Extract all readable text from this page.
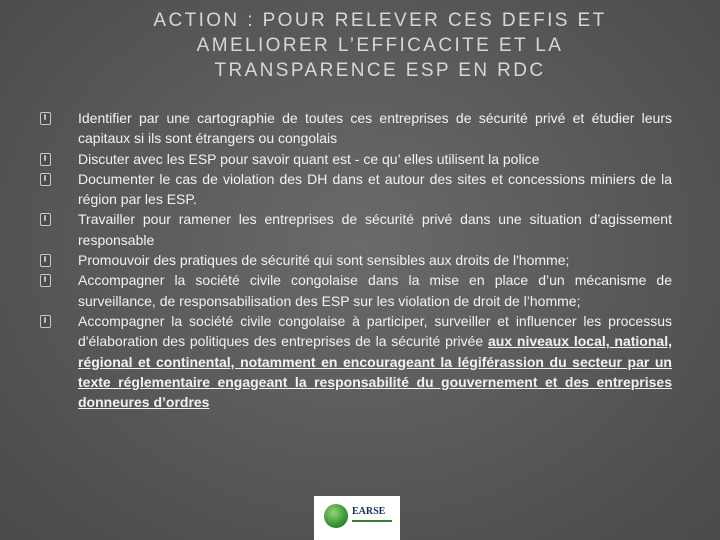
ACTION : POUR RELEVER CES DEFIS ET
AMELIORER L’EFFICACITE ET LA
TRANSPARENCE ESP EN RDC
Identifier par une cartographie de toutes ces entreprises de sécurité privé et étudier leurs capitaux si ils sont étrangers ou congolais
Discuter avec les ESP pour savoir quant est - ce qu’ elles utilisent la police
Documenter le cas de violation des DH dans et autour des sites et concessions miniers de la région par les ESP.
Travailler pour ramener les entreprises de sécurité privé dans une situation d’agissement responsable
Promouvoir des pratiques de sécurité qui sont sensibles aux droits de l'homme;
Accompagner la société civile congolaise dans la mise en place d’un mécanisme de surveillance, de responsabilisation des ESP sur les violation de droit de l’homme;
Accompagner la société civile congolaise à participer, surveiller et influencer les processus d'élaboration des politiques des entreprises de la sécurité privée aux niveaux local, national, régional et continental, notamment en encourageant la légiférassion du secteur par un texte réglementaire engageant la responsabilité du gouvernement et des entreprises donneures d’ordres
EARSE
